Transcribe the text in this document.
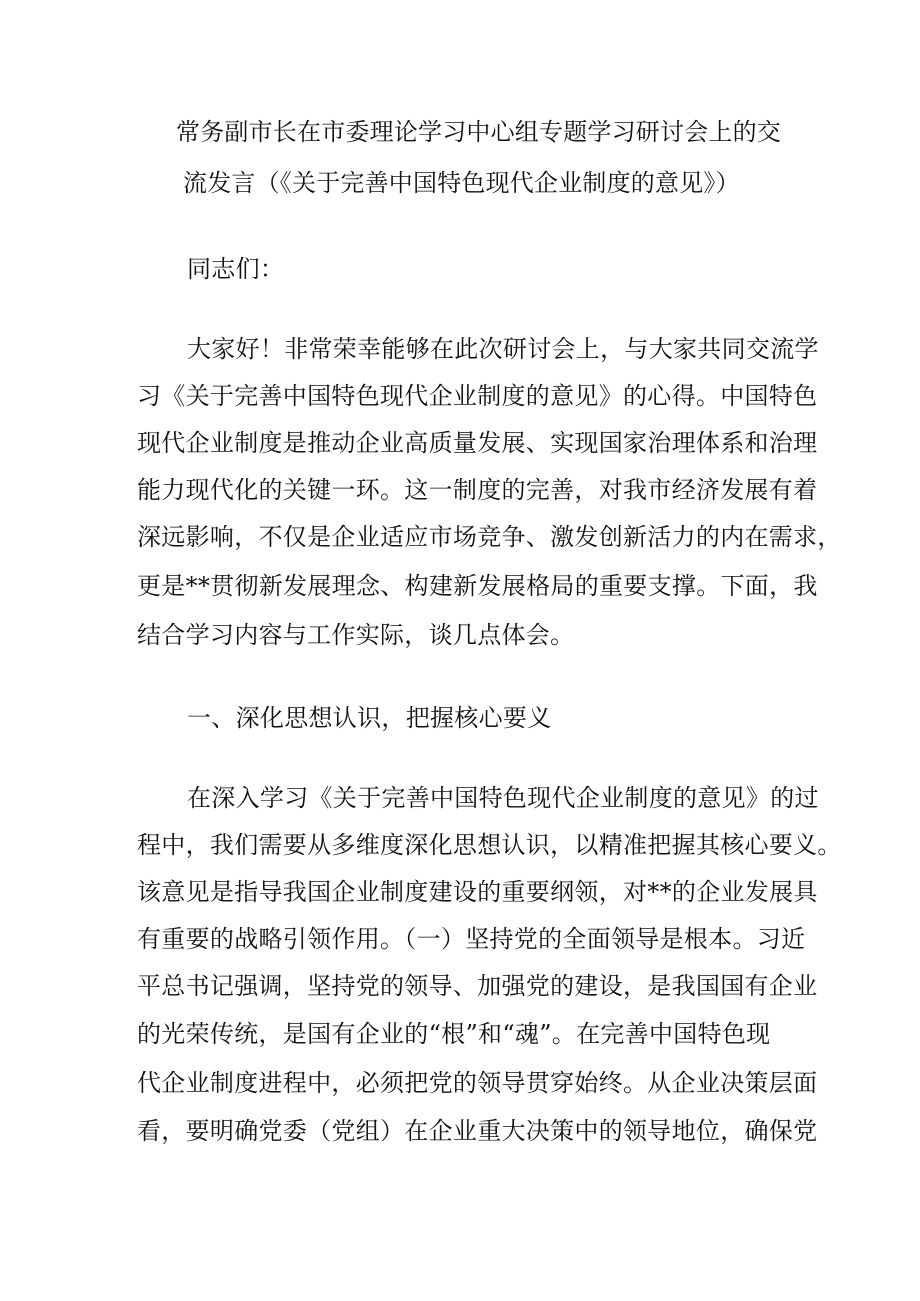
常务副市长在市委理论学习中心组专题学习研讨会上的交
流发言（《关于完善中国特色现代企业制度的意见》）
同志们：
大家好！非常荣幸能够在此次研讨会上，与大家共同交流学
习《关于完善中国特色现代企业制度的意见》的心得。中国特色
现代企业制度是推动企业高质量发展、实现国家治理体系和治理
能力现代化的关键一环。这一制度的完善，对我市经济发展有着
深远影响，不仅是企业适应市场竞争、激发创新活力的内在需求，
更是**贯彻新发展理念、构建新发展格局的重要支撑。下面，我
结合学习内容与工作实际，谈几点体会。
一、深化思想认识，把握核心要义
在深入学习《关于完善中国特色现代企业制度的意见》的过
程中，我们需要从多维度深化思想认识，以精准把握其核心要义。
该意见是指导我国企业制度建设的重要纲领，对**的企业发展具
有重要的战略引领作用。（一）坚持党的全面领导是根本。习近
平总书记强调，坚持党的领导、加强党的建设，是我国国有企业
的光荣传统，是国有企业的“根”和“魂”。在完善中国特色现
代企业制度进程中，必须把党的领导贯穿始终。从企业决策层面
看，要明确党委（党组）在企业重大决策中的领导地位，确保党
